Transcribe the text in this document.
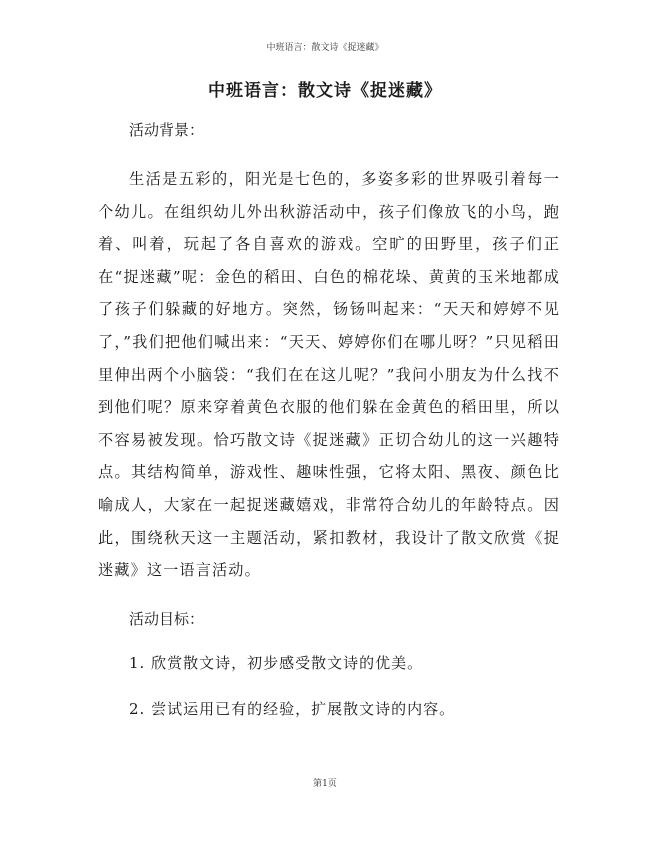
中班语言：散文诗《捉迷藏》
中班语言：散文诗《捉迷藏》
活动背景：

生活是五彩的，阳光是七色的，多姿多彩的世界吸引着每一个幼儿。在组织幼儿外出秋游活动中，孩子们像放飞的小鸟，跑着、叫着，玩起了各自喜欢的游戏。空旷的田野里，孩子们正在“捉迷藏”呢：金色的稻田、白色的棉花垛、黄黄的玉米地都成了孩子们躲藏的好地方。突然，钖钖叫起来：“天天和婷婷不见了，”我们把他们喊出来：“天天、婷婷你们在哪儿呀？”只见稻田里伸出两个小脑袋：“我们在在这儿呢？”我问小朋友为什么找不到他们呢？原来穿着黄色衣服的他们躲在金黄色的稻田里，所以不容易被发现。恰巧散文诗《捉迷藏》正切合幼儿的这一兴趣特点。其结构简单，游戏性、趣味性强，它将太阳、黑夜、颜色比喻成人，大家在一起捉迷藏嬉戏，非常符合幼儿的年龄特点。因此，围绕秋天这一主题活动，紧扣教材，我设计了散文欣赏《捉迷藏》这一语言活动。

活动目标：

1. 欣赏散文诗，初步感受散文诗的优美。

2. 尝试运用已有的经验，扩展散文诗的内容。

第1页
